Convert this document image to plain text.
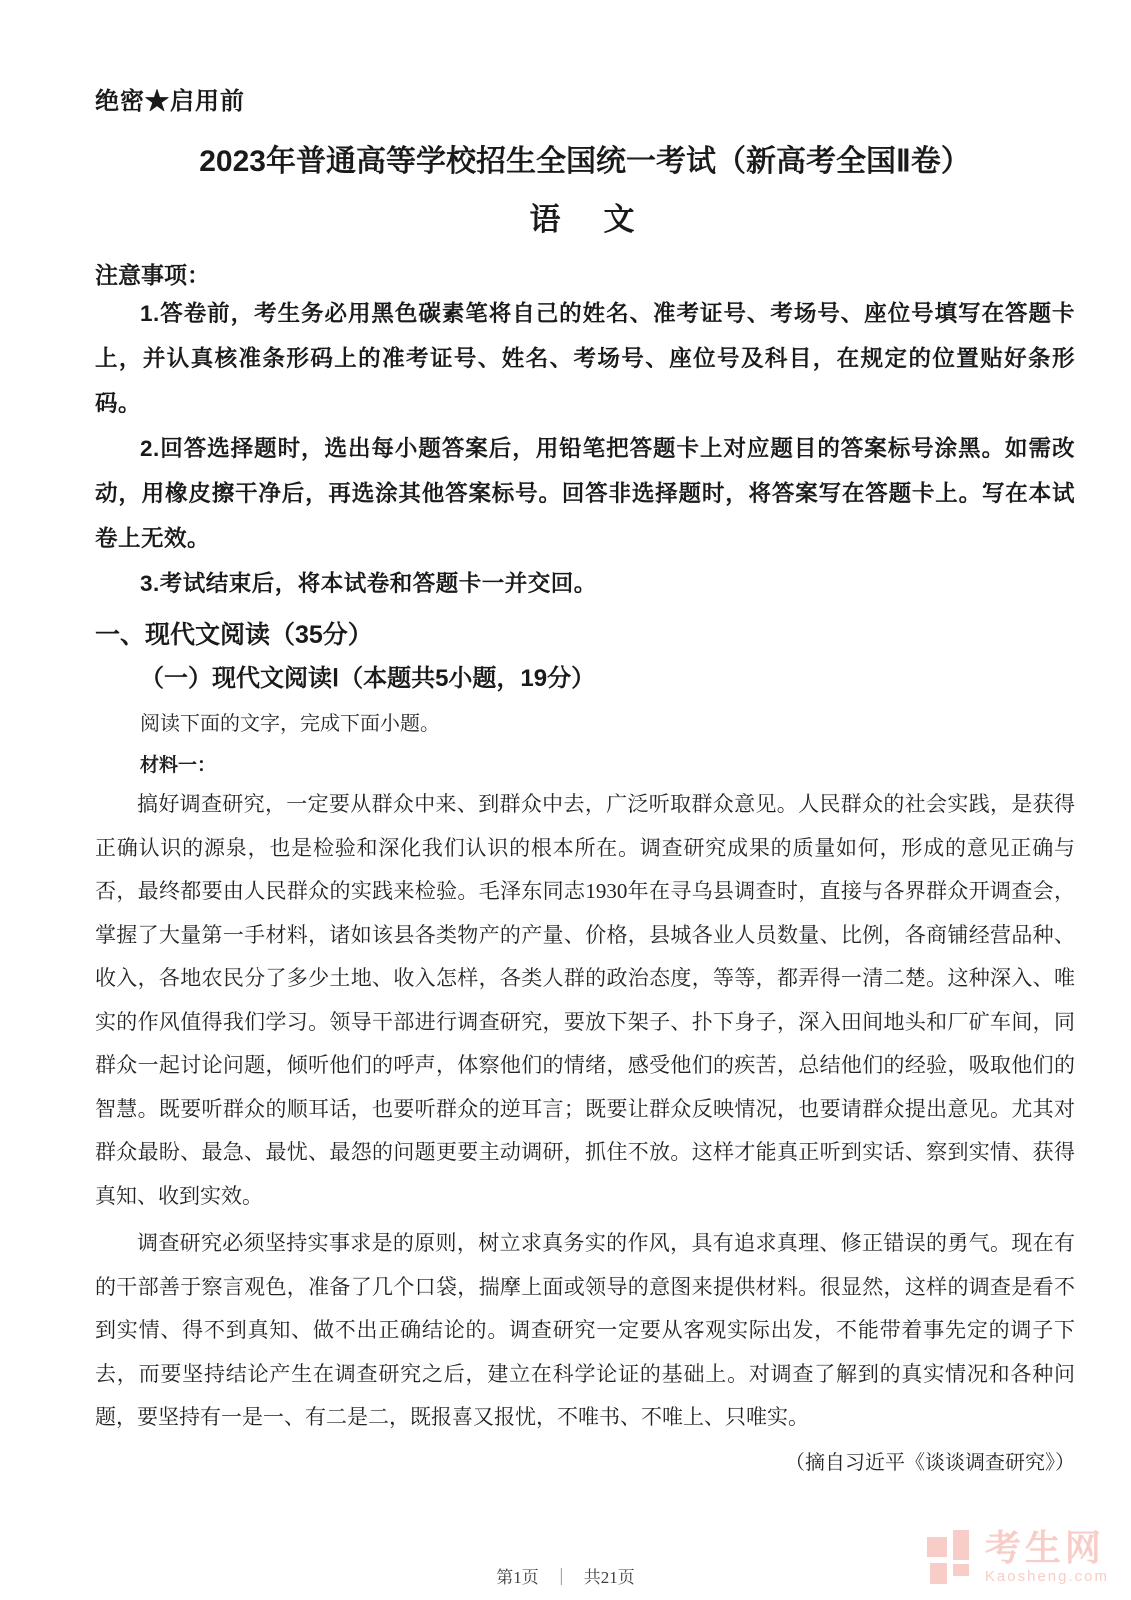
绝密★启用前
2023年普通高等学校招生全国统一考试（新高考全国Ⅱ卷）
语　文
注意事项：

1.答卷前，考生务必用黑色碳素笔将自己的姓名、准考证号、考场号、座位号填写在答题卡上，并认真核准条形码上的准考证号、姓名、考场号、座位号及科目，在规定的位置贴好条形码。

2.回答选择题时，选出每小题答案后，用铅笔把答题卡上对应题目的答案标号涂黑。如需改动，用橡皮擦干净后，再选涂其他答案标号。回答非选择题时，将答案写在答题卡上。写在本试卷上无效。

3.考试结束后，将本试卷和答题卡一并交回。

一、现代文阅读（35分）
（一）现代文阅读Ⅰ（本题共5小题，19分）
阅读下面的文字，完成下面小题。
材料一：

搞好调查研究，一定要从群众中来、到群众中去，广泛听取群众意见。人民群众的社会实践，是获得正确认识的源泉，也是检验和深化我们认识的根本所在。调查研究成果的质量如何，形成的意见正确与否，最终都要由人民群众的实践来检验。毛泽东同志1930年在寻乌县调查时，直接与各界群众开调查会，掌握了大量第一手材料，诸如该县各类物产的产量、价格，县城各业人员数量、比例，各商铺经营品种、收入，各地农民分了多少土地、收入怎样，各类人群的政治态度，等等，都弄得一清二楚。这种深入、唯实的作风值得我们学习。领导干部进行调查研究，要放下架子、扑下身子，深入田间地头和厂矿车间，同群众一起讨论问题，倾听他们的呼声，体察他们的情绪，感受他们的疾苦，总结他们的经验，吸取他们的智慧。既要听群众的顺耳话，也要听群众的逆耳言；既要让群众反映情况，也要请群众提出意见。尤其对群众最盼、最急、最忧、最怨的问题更要主动调研，抓住不放。这样才能真正听到实话、察到实情、获得真知、收到实效。

调查研究必须坚持实事求是的原则，树立求真务实的作风，具有追求真理、修正错误的勇气。现在有的干部善于察言观色，准备了几个口袋，揣摩上面或领导的意图来提供材料。很显然，这样的调查是看不到实情、得不到真知、做不出正确结论的。调查研究一定要从客观实际出发，不能带着事先定的调子下去，而要坚持结论产生在调查研究之后，建立在科学论证的基础上。对调查了解到的真实情况和各种问题，要坚持有一是一、有二是二，既报喜又报忧，不唯书、不唯上、只唯实。

（摘自习近平《谈谈调查研究》）
第1页 ｜ 共21页
考生网
Kaosheng.com
